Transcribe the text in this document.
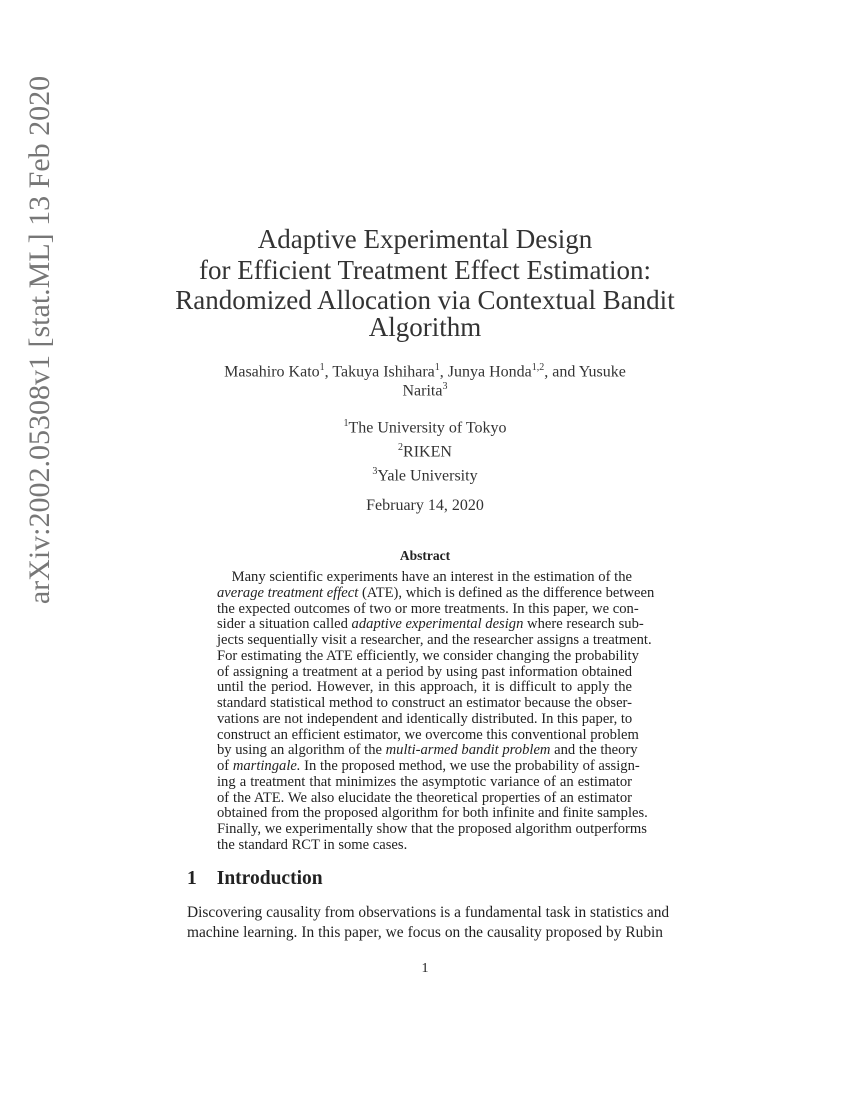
arXiv:2002.05308v1 [stat.ML] 13 Feb 2020	Adaptive Experimental Design
for Efficient Treatment Effect Estimation:
Randomized Allocation via Contextual Bandit
Algorithm
Masahiro Kato$^1$, Takuya Ishihara$^1$, Junya Honda$^{1,2}$, and Yusuke
Narita$^3$
$^1$The University of Tokyo
$^2$RIKEN
$^3$Yale University
February 14, 2020
Abstract
 Many scientific experiments have an interest in the estimation of the
average treatment effect (ATE), which is defined as the difference between
the expected outcomes of two or more treatments. In this paper, we con-
sider a situation called adaptive experimental design where research sub-
jects sequentially visit a researcher, and the researcher assigns a treatment.
For estimating the ATE efficiently, we consider changing the probability
of assigning a treatment at a period by using past information obtained
until the period. However, in this approach, it is difficult to apply the
standard statistical method to construct an estimator because the obser-
vations are not independent and identically distributed. In this paper, to
construct an efficient estimator, we overcome this conventional problem
by using an algorithm of the multi-armed bandit problem and the theory
of martingale. In the proposed method, we use the probability of assign-
ing a treatment that minimizes the asymptotic variance of an estimator
of the ATE. We also elucidate the theoretical properties of an estimator
obtained from the proposed algorithm for both infinite and finite samples.
Finally, we experimentally show that the proposed algorithm outperforms
the standard RCT in some cases.
1 Introduction
Discovering causality from observations is a fundamental task in statistics and
machine learning. In this paper, we focus on the causality proposed by Rubin
1
